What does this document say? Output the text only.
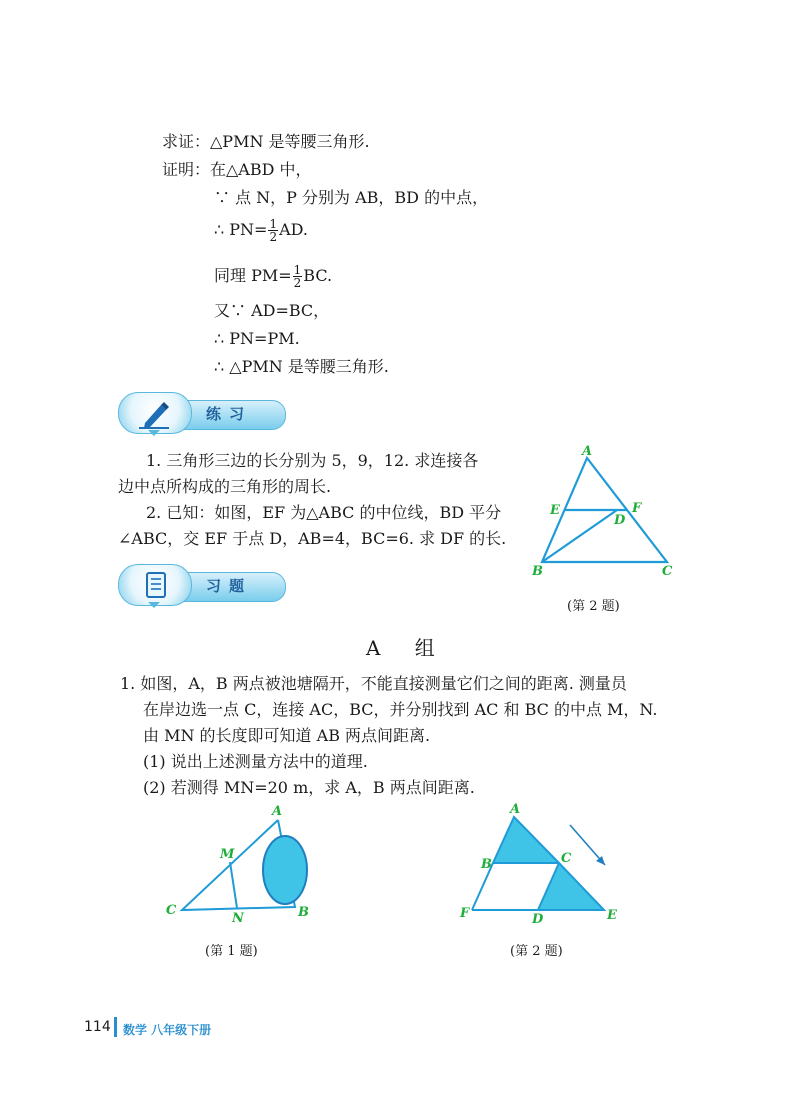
求证：△PMN 是等腰三角形.
证明：在△ABD 中，
∵ 点 N，P 分别为 AB，BD 的中点，
∴ $PN= \frac{1}{2}$ AD.
同理 $PM= \frac{1}{2}$ BC.
又∵ AD=BC，
∴ PN=PM.
∴ △PMN 是等腰三角形.
练习
1. 三角形三边的长分别为 5，9，12. 求连接各
边中点所构成的三角形的周长.
2. 已知：如图，EF 为△ABC 的中位线，BD 平分
∠ABC，交 EF 于点 D，AB=4，BC=6. 求 DF 的长.
A
E	F
D
B	C
(第 2 题)
习题
A 组
1. 如图，A，B 两点被池塘隔开，不能直接测量它们之间的距离. 测量员
在岸边选一点 C，连接 AC，BC，并分别找到 AC 和 BC 的中点 M，N.
由 MN 的长度即可知道 AB 两点间距离.
(1) 说出上述测量方法中的道理.
(2) 若测得 MN=20 m，求 A，B 两点间距离.
A
M
C
N	B
(第 1 题)
A
B	C
F	D	E
(第 2 题)
114 数学 八年级下册
